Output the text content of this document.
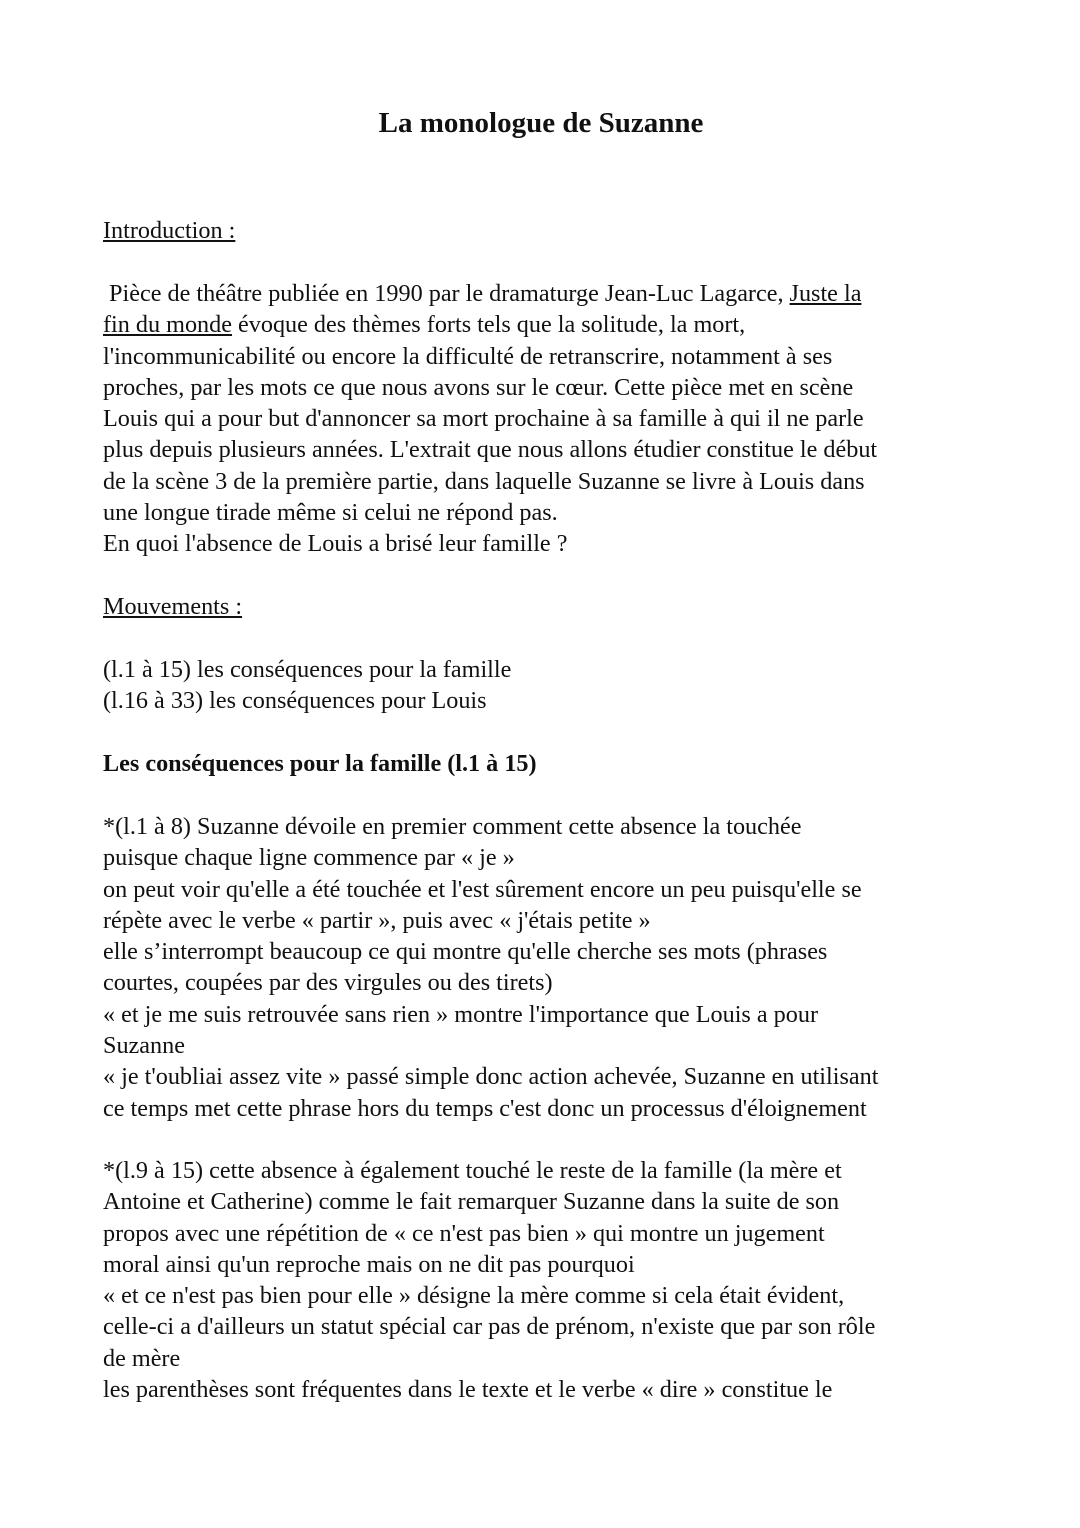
La monologue de Suzanne
Introduction :
Pièce de théâtre publiée en 1990 par le dramaturge Jean-Luc Lagarce, Juste la
fin du monde évoque des thèmes forts tels que la solitude, la mort,
l'incommunicabilité ou encore la difficulté de retranscrire, notamment à ses
proches, par les mots ce que nous avons sur le cœur. Cette pièce met en scène
Louis qui a pour but d'annoncer sa mort prochaine à sa famille à qui il ne parle
plus depuis plusieurs années. L'extrait que nous allons étudier constitue le début
de la scène 3 de la première partie, dans laquelle Suzanne se livre à Louis dans
une longue tirade même si celui ne répond pas.
En quoi l'absence de Louis a brisé leur famille ?
Mouvements :
(l.1 à 15) les conséquences pour la famille
(l.16 à 33) les conséquences pour Louis
Les conséquences pour la famille (l.1 à 15)
*(l.1 à 8) Suzanne dévoile en premier comment cette absence la touchée
puisque chaque ligne commence par « je »
on peut voir qu'elle a été touchée et l'est sûrement encore un peu puisqu'elle se
répète avec le verbe « partir », puis avec « j'étais petite »
elle s’interrompt beaucoup ce qui montre qu'elle cherche ses mots (phrases
courtes, coupées par des virgules ou des tirets)
« et je me suis retrouvée sans rien » montre l'importance que Louis a pour
Suzanne
« je t'oubliai assez vite » passé simple donc action achevée, Suzanne en utilisant
ce temps met cette phrase hors du temps c'est donc un processus d'éloignement
*(l.9 à 15) cette absence à également touché le reste de la famille (la mère et
Antoine et Catherine) comme le fait remarquer Suzanne dans la suite de son
propos avec une répétition de « ce n'est pas bien » qui montre un jugement
moral ainsi qu'un reproche mais on ne dit pas pourquoi
« et ce n'est pas bien pour elle » désigne la mère comme si cela était évident,
celle-ci a d'ailleurs un statut spécial car pas de prénom, n'existe que par son rôle
de mère
les parenthèses sont fréquentes dans le texte et le verbe « dire » constitue le
